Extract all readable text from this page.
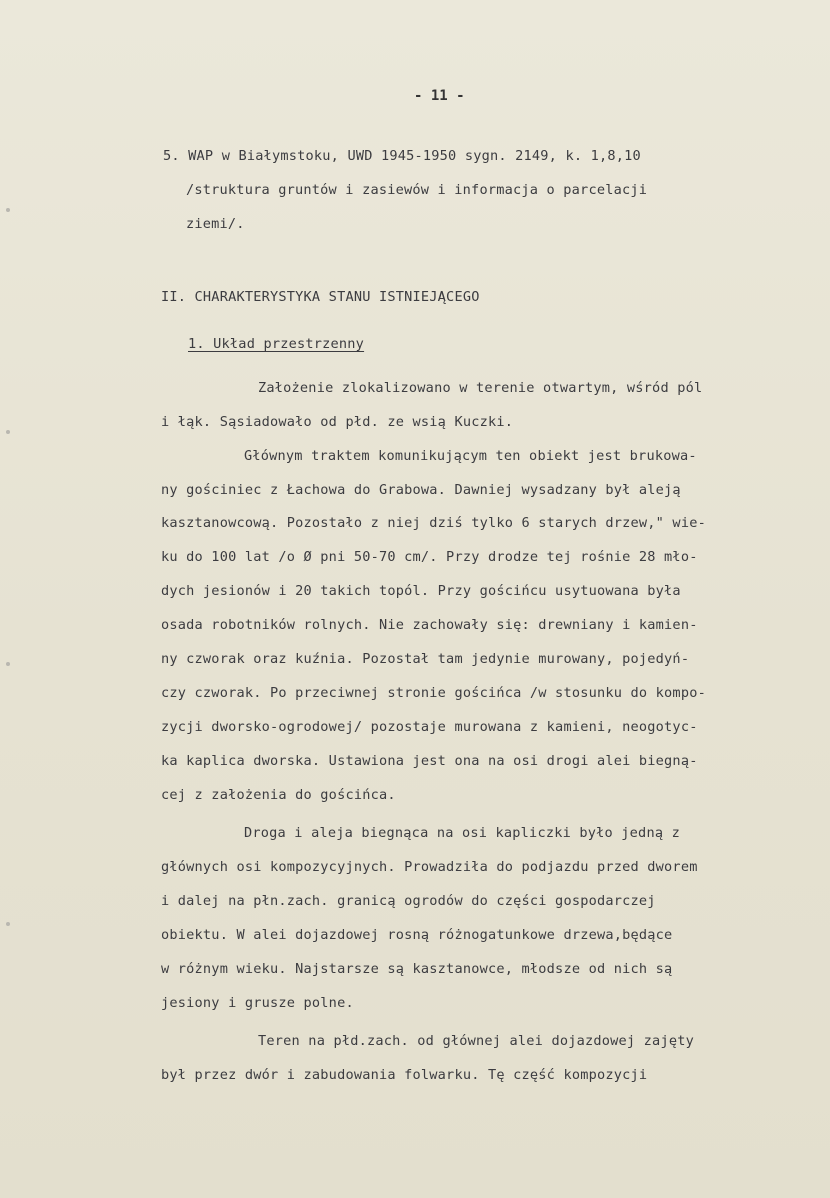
- 11 -
5. WAP w Białymstoku, UWD 1945-1950 sygn. 2149, k. 1,8,10
/struktura gruntów i zasiewów i informacja o parcelacji
ziemi/.
II. CHARAKTERYSTYKA STANU ISTNIEJĄCEGO
1. Układ przestrzenny
Założenie zlokalizowano w terenie otwartym, wśród pól
i łąk. Sąsiadowało od płd. ze wsią Kuczki.
Głównym traktem komunikującym ten obiekt jest brukowa-
ny gościniec z Łachowa do Grabowa. Dawniej wysadzany był aleją
kasztanowcową. Pozostało z niej dziś tylko 6 starych drzew," wie-
ku do 100 lat /o Ø pni 50-70 cm/. Przy drodze tej rośnie 28 mło-
dych jesionów i 20 takich topól. Przy gościńcu usytuowana była
osada robotników rolnych. Nie zachowały się: drewniany i kamien-
ny czworak oraz kuźnia. Pozostał tam jedynie murowany, pojedyń-
czy czworak. Po przeciwnej stronie gościńca /w stosunku do kompo-
zycji dworsko-ogrodowej/ pozostaje murowana z kamieni, neogotyc-
ka kaplica dworska. Ustawiona jest ona na osi drogi alei biegną-
cej z założenia do gościńca.
Droga i aleja biegnąca na osi kapliczki było jedną z
głównych osi kompozycyjnych. Prowadziła do podjazdu przed dworem
i dalej na płn.zach. granicą ogrodów do części gospodarczej
obiektu. W alei dojazdowej rosną różnogatunkowe drzewa,będące
w różnym wieku. Najstarsze są kasztanowce, młodsze od nich są
jesiony i grusze polne.
Teren na płd.zach. od głównej alei dojazdowej zajęty
był przez dwór i zabudowania folwarku. Tę część kompozycji
